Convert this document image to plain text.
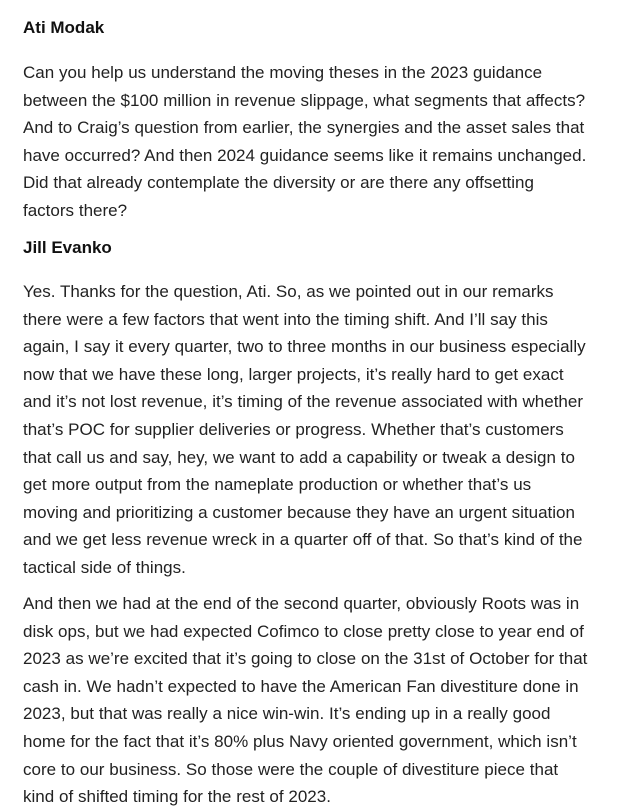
Ati Modak

Can you help us understand the moving theses in the 2023 guidance
between the $100 million in revenue slippage, what segments that affects?
And to Craig’s question from earlier, the synergies and the asset sales that
have occurred? And then 2024 guidance seems like it remains unchanged.
Did that already contemplate the diversity or are there any offsetting
factors there?

Jill Evanko

Yes. Thanks for the question, Ati. So, as we pointed out in our remarks
there were a few factors that went into the timing shift. And I’ll say this
again, I say it every quarter, two to three months in our business especially
now that we have these long, larger projects, it’s really hard to get exact
and it’s not lost revenue, it’s timing of the revenue associated with whether
that’s POC for supplier deliveries or progress. Whether that’s customers
that call us and say, hey, we want to add a capability or tweak a design to
get more output from the nameplate production or whether that’s us
moving and prioritizing a customer because they have an urgent situation
and we get less revenue wreck in a quarter off of that. So that’s kind of the
tactical side of things.

And then we had at the end of the second quarter, obviously Roots was in
disk ops, but we had expected Cofimco to close pretty close to year end of
2023 as we’re excited that it’s going to close on the 31st of October for that
cash in. We hadn’t expected to have the American Fan divestiture done in
2023, but that was really a nice win-win. It’s ending up in a really good
home for the fact that it’s 80% plus Navy oriented government, which isn’t
core to our business. So those were the couple of divestiture piece that
kind of shifted timing for the rest of 2023.
